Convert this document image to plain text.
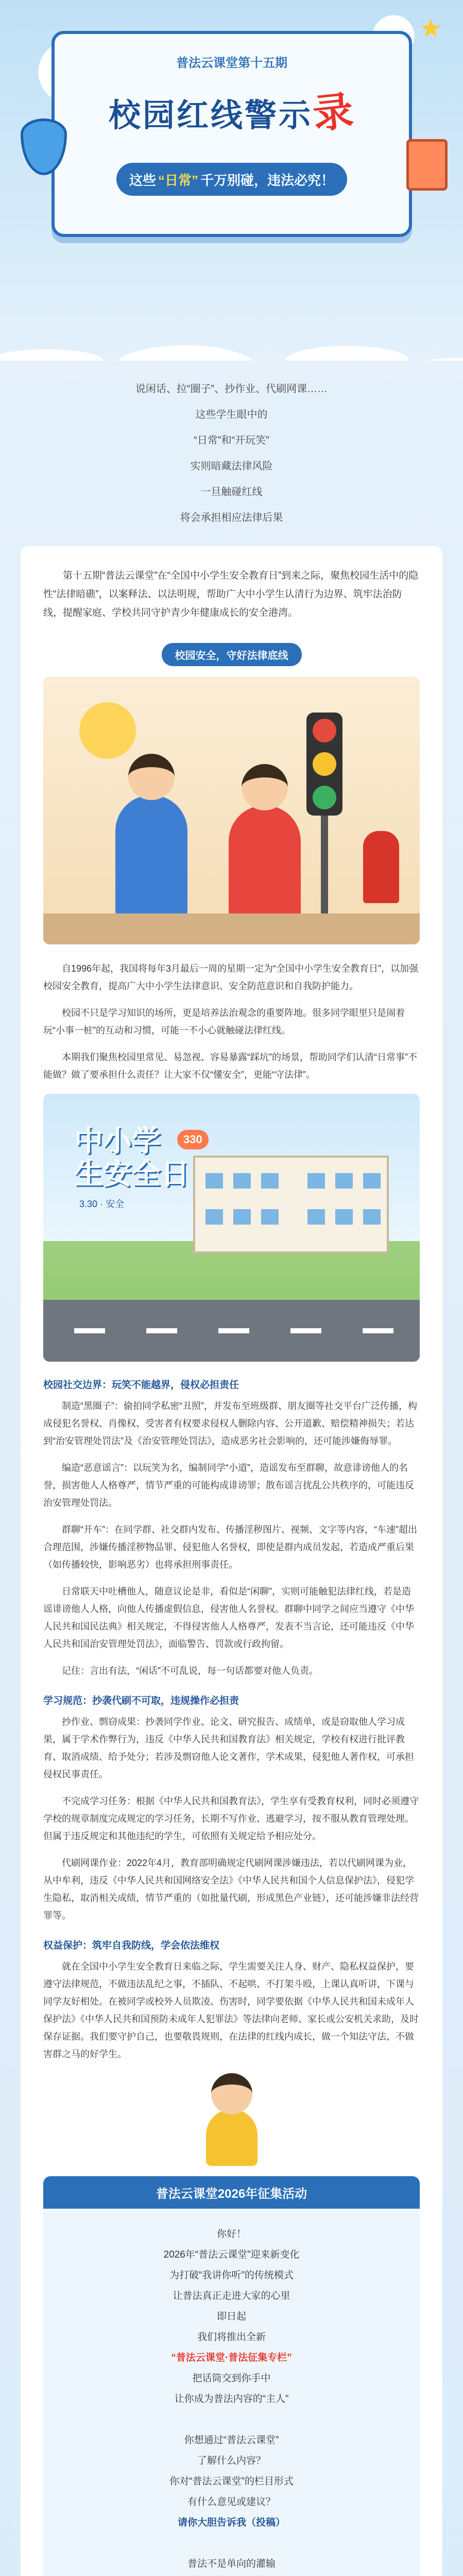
★
普法云课堂第十五期
校园红线警示录
这些 “日常” 千万别碰，违法必究！

说闲话、拉“圈子”、抄作业、代刷网课……

这些学生眼中的

“日常”和“开玩笑”

实则暗藏法律风险

一旦触碰红线

将会承担相应法律后果

第十五期“普法云课堂”在“全国中小学生安全教育日”到来之际，聚焦校园生活中的隐性“法律暗礁”，以案释法、以法明规，帮助广大中小学生认清行为边界、筑牢法治防线，提醒家庭、学校共同守护青少年健康成长的安全港湾。

校园安全，守好法律底线

自1996年起，我国将每年3月最后一周的星期一定为“全国中小学生安全教育日”，以加强校园安全教育，提高广大中小学生法律意识、安全防范意识和自我防护能力。

校园不只是学习知识的场所，更是培养法治观念的重要阵地。很多同学眼里只是闹着玩“小事一桩”的互动和习惯，可能一不小心就触碰法律红线。

本期我们聚焦校园里常见、易忽视、容易暴露“踩坑”的场景，帮助同学们认清“日常事”不能做？做了要承担什么责任？让大家不仅“懂安全”，更能“守法律”。

中小学
生安全日
330
3.30 · 安全
校园社交边界：玩笑不能越界，侵权必担责任

制造“黑圈子”：偷拍同学私密“丑照”，并发布至班级群、朋友圈等社交平台广泛传播，构成侵犯名誉权、肖像权、受害者有权要求侵权人删除内容、公开道歉、赔偿精神损失；若达到“治安管理处罚法”及《治安管理处罚法》，造成恶劣社会影响的，还可能涉嫌侮辱罪。

编造“恶意谣言”：以玩笑为名，编制同学“小道”，造谣发布至群聊，故意诽谤他人的名誉，损害他人人格尊严，情节严重的可能构成诽谤罪；散布谣言扰乱公共秩序的，可能违反治安管理处罚法。

群聊“开车”：在同学群、社交群内发布、传播淫秽图片、视频、文字等内容，“车速”超出合理范围，涉嫌传播淫秽物品罪、侵犯他人名誉权，即使是群内成员发起，若造成严重后果（如传播较快，影响恶劣）也将承担刑事责任。

日常联天中吐槽他人，随意议论是非，看似是“闲聊”，实则可能触犯法律红线，若是造谣诽谤他人人格，向他人传播虚假信息，侵害他人名誉权。群聊中同学之间应当遵守《中华人民共和国民法典》相关规定，不得侵害他人人格尊严，发表不当言论，还可能违反《中华人民共和国治安管理处罚法》，面临警告、罚款或行政拘留。

记住：言出有法，“闲话”不可乱说，每一句话都要对他人负责。

学习规范：抄袭代刷不可取，违规操作必担责

抄作业、剽窃成果：抄袭同学作业、论文、研究报告、成绩单，或是窃取他人学习成果，属于学术作弊行为，违反《中华人民共和国教育法》相关规定，学校有权进行批评教育、取消成绩、给予处分；若涉及剽窃他人论文著作，学术成果，侵犯他人著作权，可承担侵权民事责任。

不完成学习任务：根据《中华人民共和国教育法》，学生享有受教育权利，同时必须遵守学校的规章制度完成规定的学习任务，长期不写作业、逃避学习，按不服从教育管理处理。但属于违反规定和其他违纪的学生，可依照有关规定给予相应处分。

代刷网课作业：2022年4月，教育部明确规定代刷网课涉嫌违法，若以代刷网课为业，从中牟利，违反《中华人民共和国网络安全法》《中华人民共和国个人信息保护法》，侵犯学生隐私，取消相关成绩，情节严重的（如批量代刷，形成黑色产业链），还可能涉嫌非法经营罪等。

权益保护：筑牢自我防线，学会依法维权

就在全国中小学生安全教育日来临之际，学生需要关注人身、财产、隐私权益保护，要遵守法律规范，不做违法乱纪之事，不插队、不起哄、不打架斗殴，上课认真听讲，下课与同学友好相处。在被同学或校外人员欺凌、伤害时，同学要依据《中华人民共和国未成年人保护法》《中华人民共和国预防未成年人犯罪法》等法律向老师、家长或公安机关求助，及时保存证据。我们要守护自己，也要敬畏规则，在法律的红线内成长，做一个知法守法、不做害群之马的好学生。

普法云课堂2026年征集活动

你好！

2026年“普法云课堂”迎来新变化

为打破“我讲你听”的传统模式

让普法真正走进大家的心里

即日起

我们将推出全新

“普法云课堂·普法征集专栏”

把话筒交到你手中

让你成为普法内容的“主人”

你想通过“普法云课堂”

了解什么内容？

你对“普法云课堂”的栏目形式

有什么意见或建议？

请你大胆告诉我（投稿）

普法不是单向的灌输
